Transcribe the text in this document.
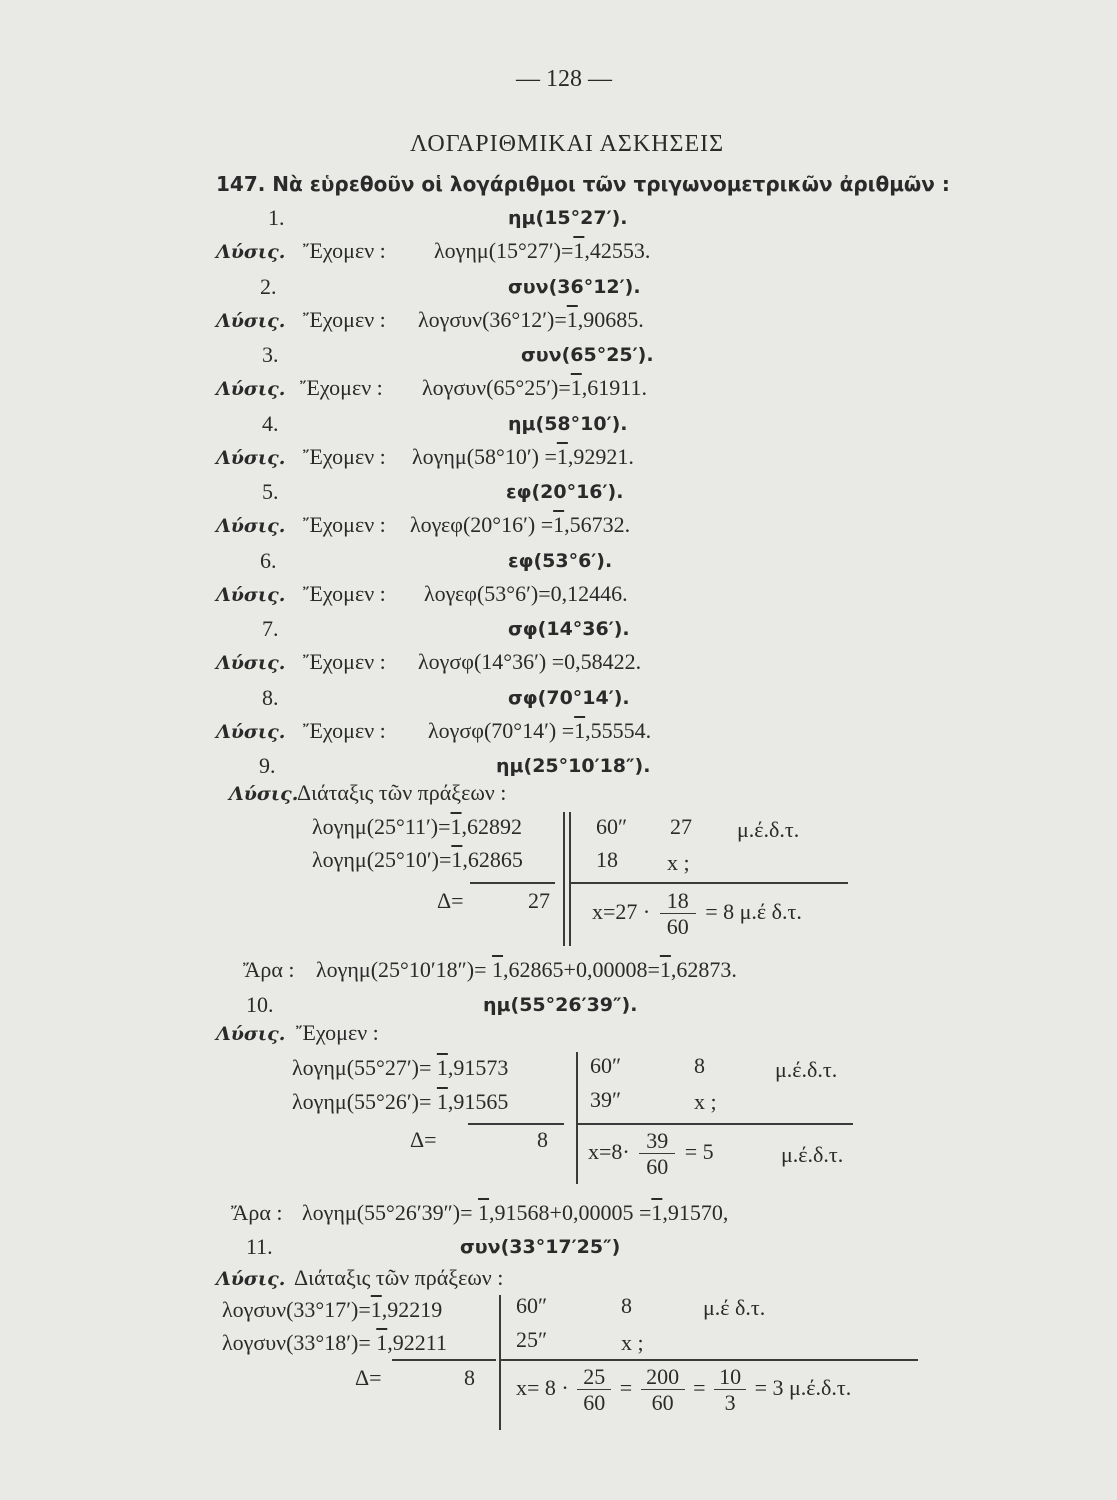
— 128 —
ΛΟΓΑΡΙΘΜΙΚΑΙ ΑΣΚΗΣΕΙΣ
147. Νὰ εὑρεθοῦν οἱ λογάριθμοι τῶν τριγωνομετρικῶν ἀριθμῶν :
1.	ημ(15°27′).
Λύσις. Ἔχομεν : λογημ(15°27′)=1,42553.
2.	συν(36°12′).
Λύσις. Ἔχομεν : λογσυν(36°12′)=1,90685.
3.	συν(65°25′).
Λύσις. Ἔχομεν : λογσυν(65°25′)=1,61911.
4.	ημ(58°10′).
Λύσις. Ἔχομεν : λογημ(58°10′) =1,92921.
5.	εφ(20°16′).
Λύσις. Ἔχομεν : λογεφ(20°16′) =1,56732.
6.	εφ(53°6′).
Λύσις. Ἔχομεν : λογεφ(53°6′)=0,12446.
7.	σφ(14°36′).
Λύσις. Ἔχομεν : λογσφ(14°36′) =0,58422.
8.	σφ(70°14′).
Λύσις. Ἔχομεν : λογσφ(70°14′) =1,55554.
9.	ημ(25°10′18″).
Λύσις.
Διάταξις τῶν πράξεων :
λογημ(25°11′)=1,62892
λογημ(25°10′)=1,62865
Δ=	27
60″ 27 μ.έ.δ.τ.
18 x ;
$x=27 \cdot \frac{18}{60} = 8$ μ.έ δ.τ.
Ἄρα : λογημ(25°10′18″)= 1,62865+0,00008=1,62873.
10.	ημ(55°26′39″).
Λύσις. Ἔχομεν :
λογημ(55°27′)= 1,91573
λογημ(55°26′)= 1,91565
Δ=	8
60″	8	μ.έ.δ.τ.
39″	x ;
$x=8\cdot \frac{39}{60} = 5$	μ.έ.δ.τ.
Ἄρα : λογημ(55°26′39″)= 1,91568+0,00005 =1,91570,
11.	συν(33°17′25″)
Λύσις. Διάταξις τῶν πράξεων :
λογσυν(33°17′)=1,92219
λογσυν(33°18′)= 1,92211
Δ=	8
60″	8	μ.έ δ.τ.
25″	x ;
$x= 8 \cdot \frac{25}{60} = \frac{200}{60} = \frac{10}{3} = 3$ μ.έ.δ.τ.
